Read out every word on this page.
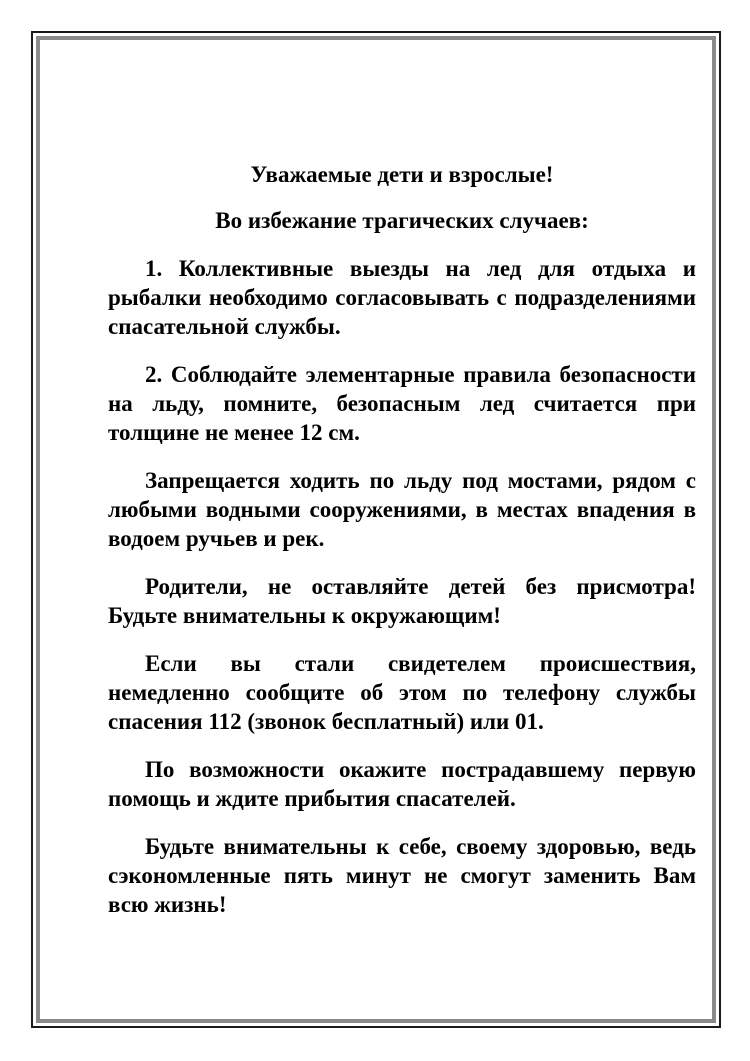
Уважаемые дети и взрослые!
Во избежание трагических случаев:

1. Коллективные выезды на лед для отдыха и рыбалки необходимо согласовывать с подразделениями спасательной службы.

2. Соблюдайте элементарные правила безопасности на льду, помните, безопасным лед считается при толщине не менее 12 см.

Запрещается ходить по льду под мостами, рядом с любыми водными сооружениями, в местах впадения в водоем ручьев и рек.

Родители, не оставляйте детей без присмотра! Будьте внимательны к окружающим!

Если вы стали свидетелем происшествия, немедленно сообщите об этом по телефону службы спасения 112 (звонок бесплатный) или 01.

По возможности окажите пострадавшему первую помощь и ждите прибытия спасателей.

Будьте внимательны к себе, своему здоровью, ведь сэкономленные пять минут не смогут заменить Вам всю жизнь!
